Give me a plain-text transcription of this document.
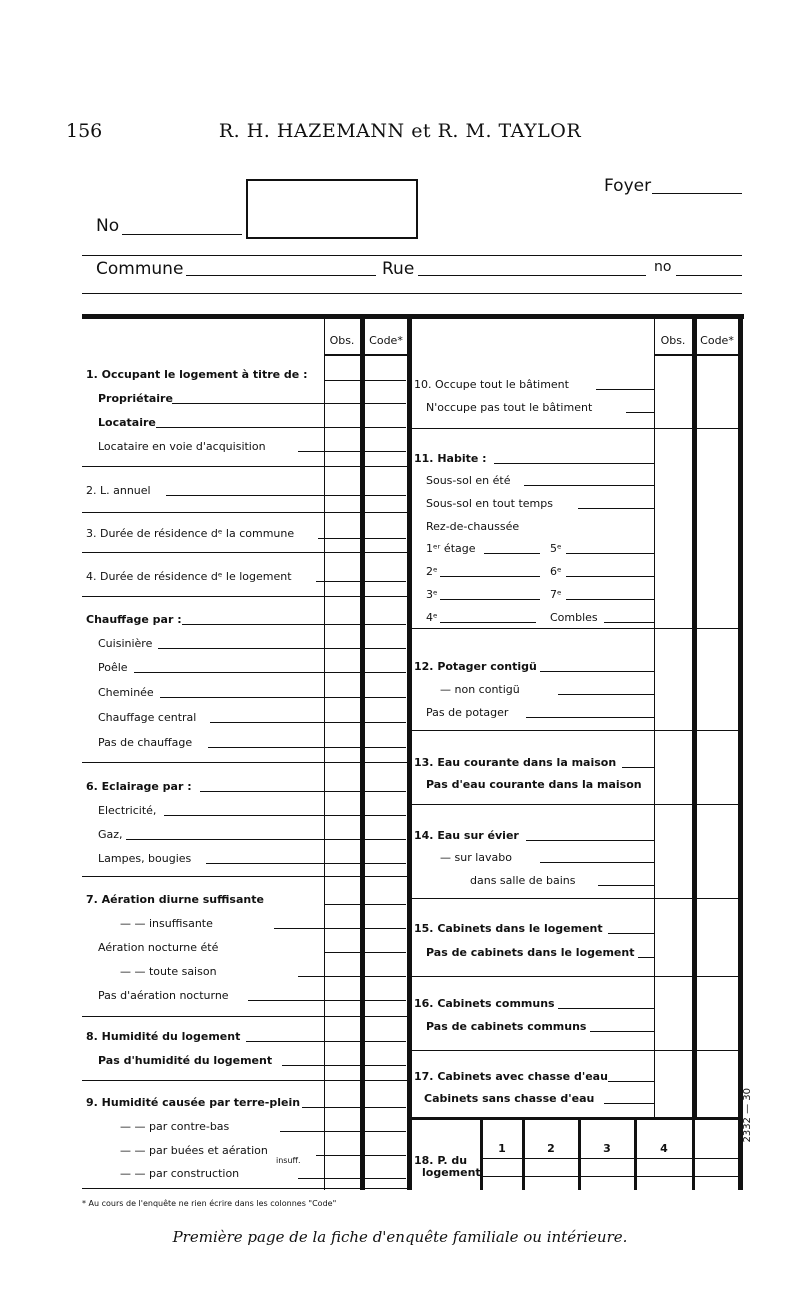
156	R. H. HAZEMANN et R. M. TAYLOR
No
Foyer
Commune	Rue	no
Obs.	Code*	Obs.	Code*
1. Occupant le logement à titre de :
Propriétaire
Locataire
Locataire en voie d'acquisition
2. L. annuel
3. Durée de résidence dᵉ la commune
4. Durée de résidence dᵉ le logement
Chauffage par :
Cuisinière
Poêle
Cheminée
Chauffage central
Pas de chauffage
6. Eclairage par :
Electricité,
Gaz,
Lampes, bougies
7. Aération diurne suffisante
— — insuffisante
Aération nocturne été
— — toute saison
Pas d'aération nocturne
8. Humidité du logement
Pas d'humidité du logement
9. Humidité causée par terre-plein
— — par contre-bas
— — par buées et aération
insuff.
— — par construction
10. Occupe tout le bâtiment
N'occupe pas tout le bâtiment
11. Habite :
Sous-sol en été
Sous-sol en tout temps
Rez-de-chaussée
1ᵉʳ étage	5ᵉ
2ᵉ	6ᵉ
3ᵉ	7ᵉ
4ᵉ	Combles
12. Potager contigü
— non contigü
Pas de potager
13. Eau courante dans la maison
Pas d'eau courante dans la maison
14. Eau sur évier
— sur lavabo
dans salle de bains
15. Cabinets dans le logement
Pas de cabinets dans le logement
16. Cabinets communs
Pas de cabinets communs
17. Cabinets avec chasse d'eau
Cabinets sans chasse d'eau
18. P. du
logement
1	2	3	4
* Au cours de l'enquête ne rien écrire dans les colonnes "Code"
2332 — 30
Première page de la fiche d'enquête familiale ou intérieure.
